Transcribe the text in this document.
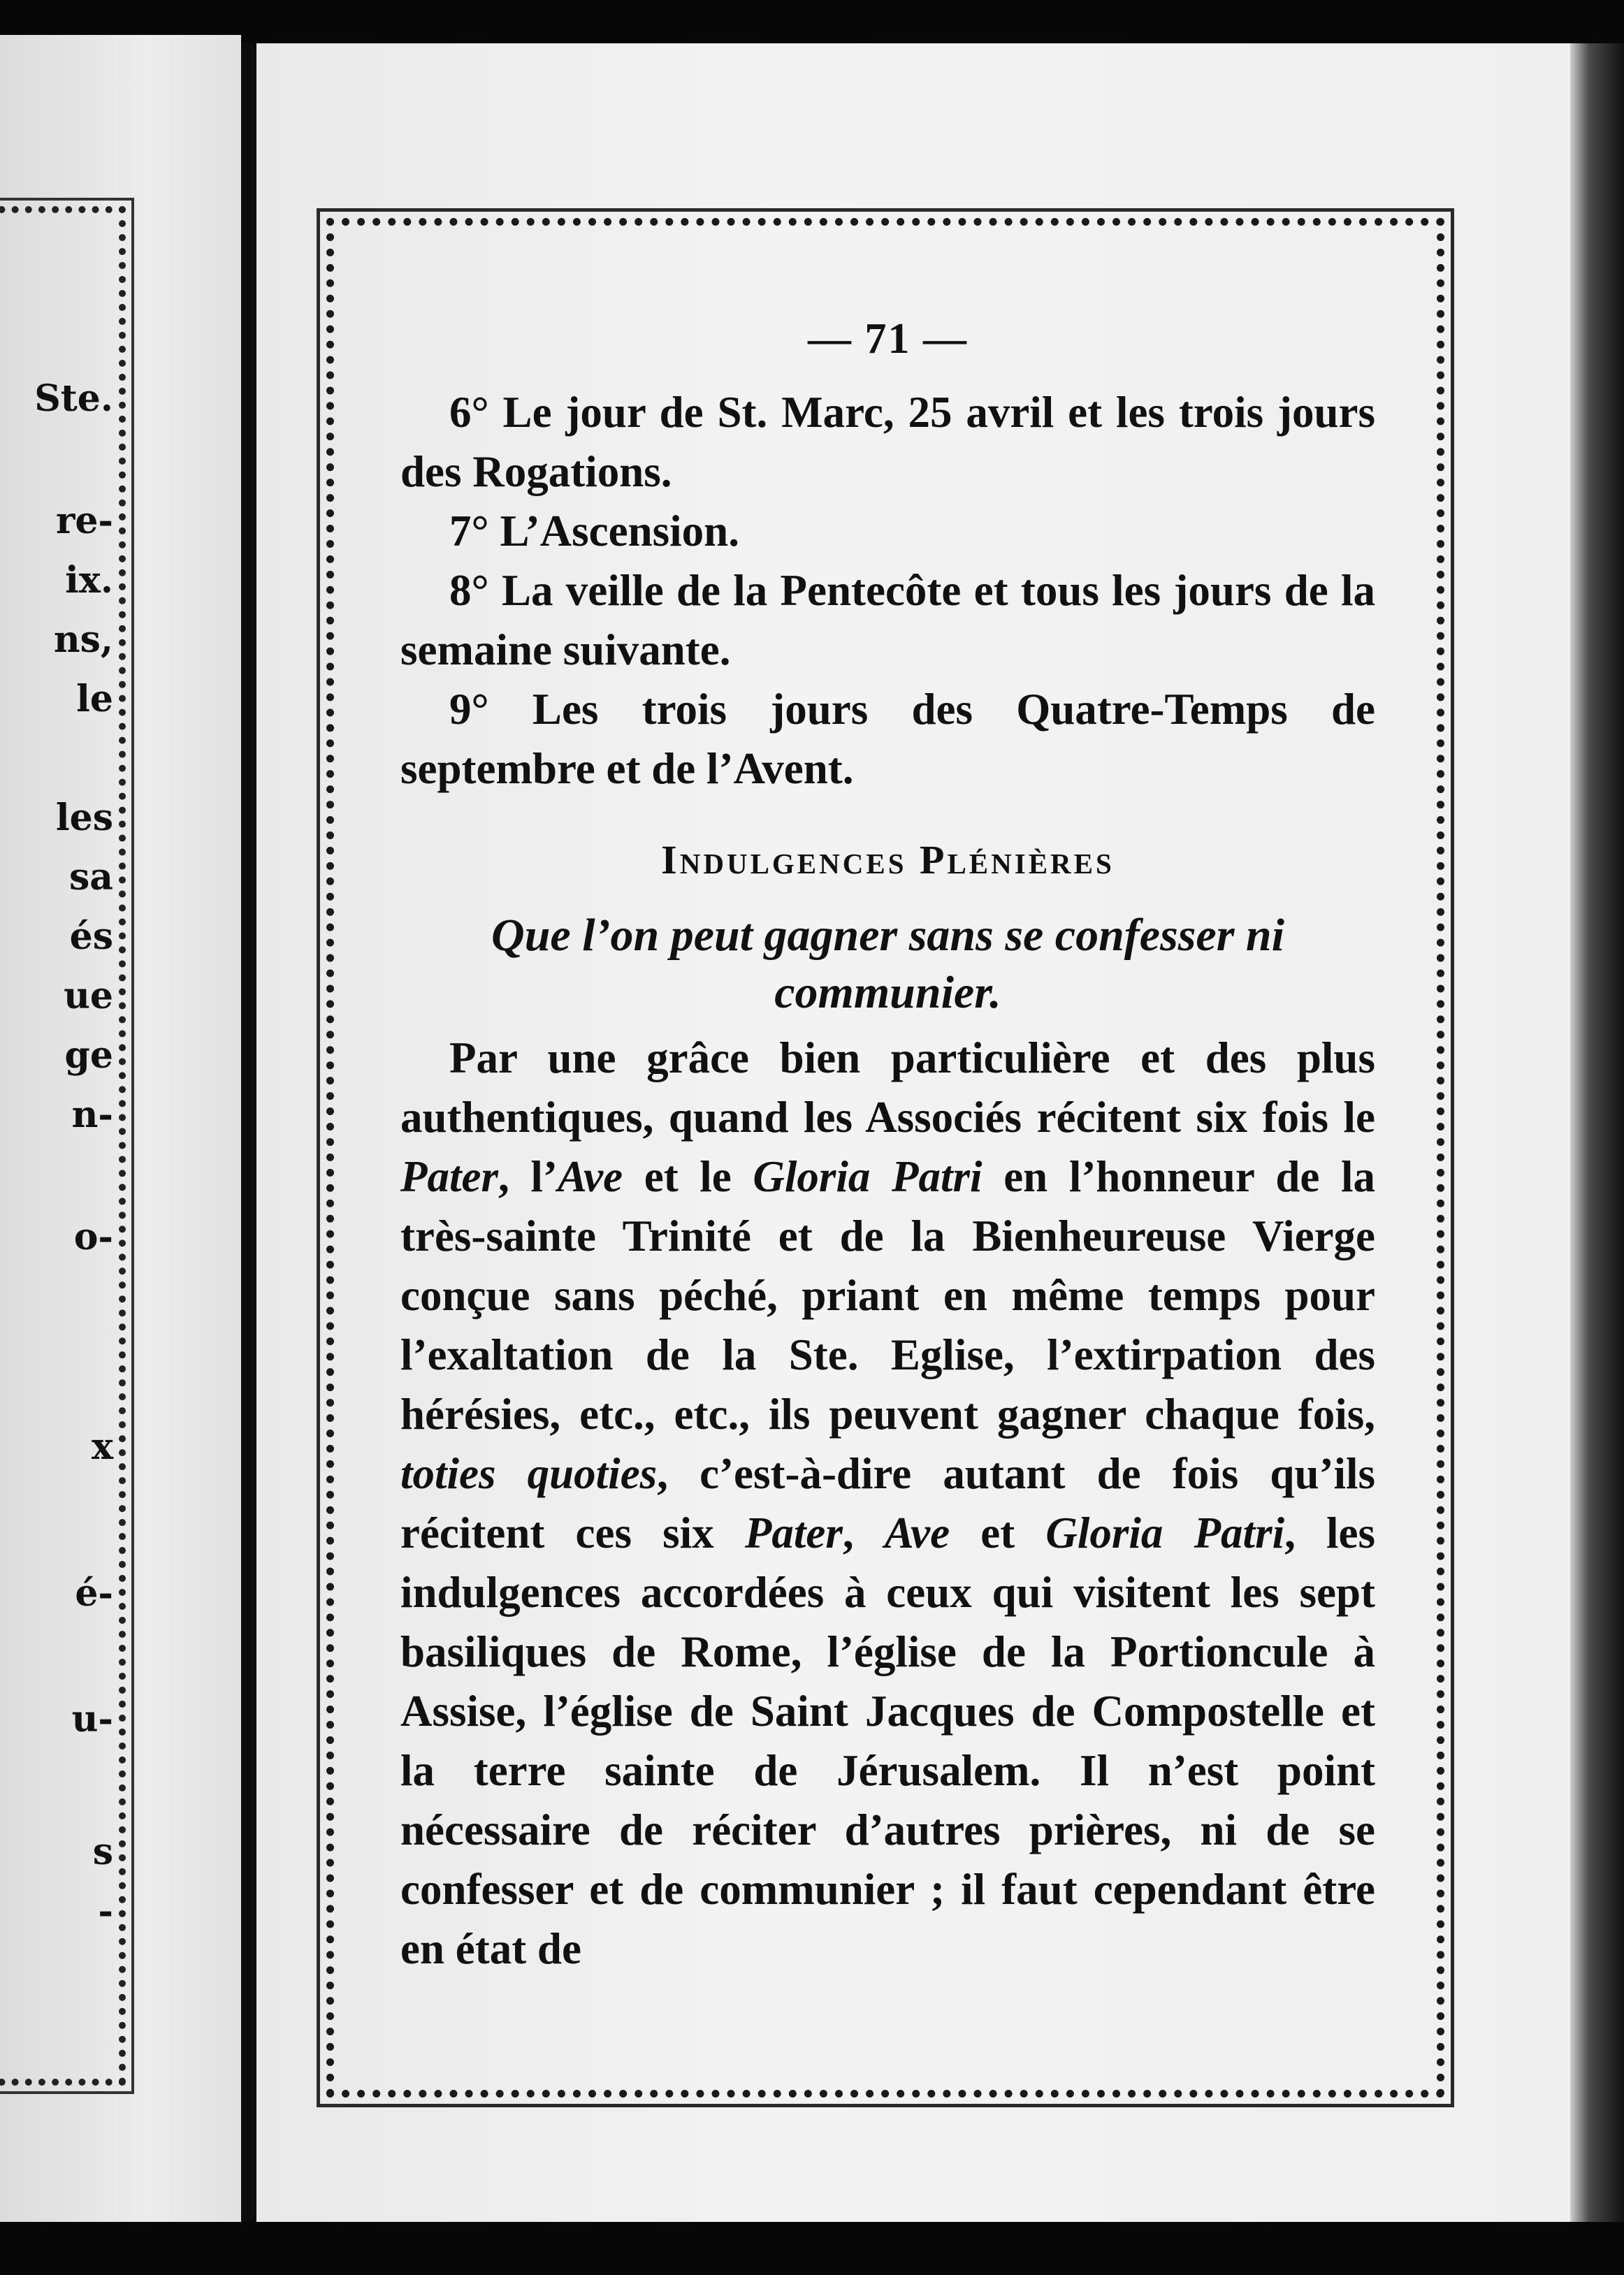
Ste.
re-
ix.
ns,
le
les
sa
és
ue
ge
n-
o-
x
é-
u-
s
-
— 71 —

6° Le jour de St. Marc, 25 avril et les trois jours des Rogations.

7° L’Ascension.

8° La veille de la Pentecôte et tous les jours de la semaine suivante.

9° Les trois jours des Quatre-Temps de septembre et de l’Avent.

Indulgences Plénières
Que l’on peut gagner sans se confesser ni communier.

Par une grâce bien particulière et des plus authentiques, quand les Associés récitent six fois le Pater, l’Ave et le Gloria Patri en l’honneur de la très-sainte Trinité et de la Bienheureuse Vierge conçue sans péché, priant en même temps pour l’exaltation de la Ste. Eglise, l’extirpation des hérésies, etc., etc., ils peuvent gagner chaque fois, toties quoties, c’est-à-dire autant de fois qu’ils récitent ces six Pater, Ave et Gloria Patri, les indulgences accordées à ceux qui visitent les sept basiliques de Rome, l’église de la Portioncule à Assise, l’église de Saint Jacques de Compostelle et la terre sainte de Jérusalem. Il n’est point nécessaire de réciter d’autres prières, ni de se confesser et de communier ; il faut cependant être en état de
